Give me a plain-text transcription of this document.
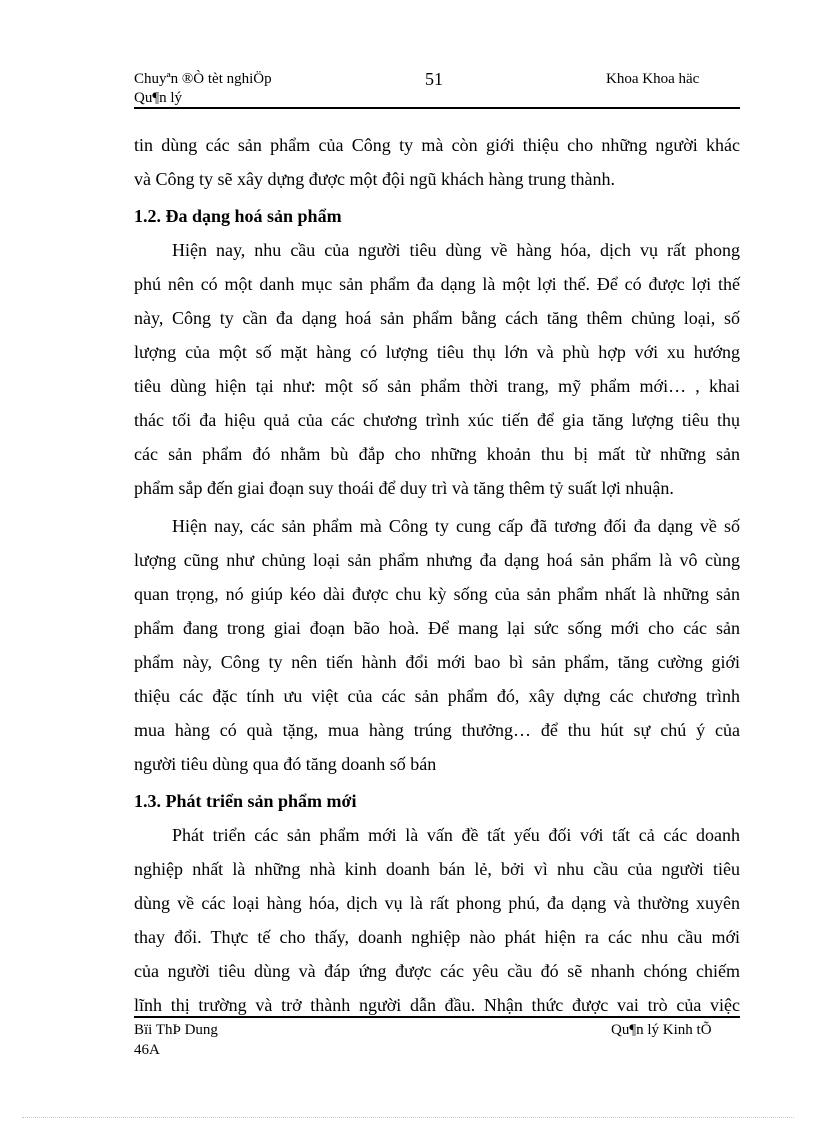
Chuyªn ®Ò tèt nghiÖp
Qu¶n lý
51	Khoa Khoa häc
tin dùng các sản phẩm của Công ty mà còn giới thiệu cho những người khác
và Công ty sẽ xây dựng được một đội ngũ khách hàng trung thành.
1.2. Đa dạng hoá sản phẩm
Hiện nay, nhu cầu của người tiêu dùng về hàng hóa, dịch vụ rất phong
phú nên có một danh mục sản phẩm đa dạng là một lợi thế. Để có được lợi thế
này, Công ty cần đa dạng hoá sản phẩm bằng cách tăng thêm chủng loại, số
lượng của một số mặt hàng có lượng tiêu thụ lớn và phù hợp với xu hướng
tiêu dùng hiện tại như: một số sản phẩm thời trang, mỹ phẩm mới… , khai
thác tối đa hiệu quả của các chương trình xúc tiến để gia tăng lượng tiêu thụ
các sản phẩm đó nhằm bù đắp cho những khoản thu bị mất từ những sản
phẩm sắp đến giai đoạn suy thoái để duy trì và tăng thêm tỷ suất lợi nhuận.
Hiện nay, các sản phẩm mà Công ty cung cấp đã tương đối đa dạng về số
lượng cũng như chủng loại sản phẩm nhưng đa dạng hoá sản phẩm là vô cùng
quan trọng, nó giúp kéo dài được chu kỳ sống của sản phẩm nhất là những sản
phẩm đang trong giai đoạn bão hoà. Để mang lại sức sống mới cho các sản
phẩm này, Công ty nên tiến hành đổi mới bao bì sản phẩm, tăng cường giới
thiệu các đặc tính ưu việt của các sản phẩm đó, xây dựng các chương trình
mua hàng có quà tặng, mua hàng trúng thưởng… để thu hút sự chú ý của
người tiêu dùng qua đó tăng doanh số bán
1.3. Phát triển sản phẩm mới
Phát triển các sản phẩm mới là vấn đề tất yếu đối với tất cả các doanh
nghiệp nhất là những nhà kinh doanh bán lẻ, bởi vì nhu cầu của người tiêu
dùng về các loại hàng hóa, dịch vụ là rất phong phú, đa dạng và thường xuyên
thay đổi. Thực tế cho thấy, doanh nghiệp nào phát hiện ra các nhu cầu mới
của người tiêu dùng và đáp ứng được các yêu cầu đó sẽ nhanh chóng chiếm
lĩnh thị trường và trở thành người dẫn đầu. Nhận thức được vai trò của việc
Bïi ThÞ Dung
46A
Qu¶n lý Kinh tÕ
